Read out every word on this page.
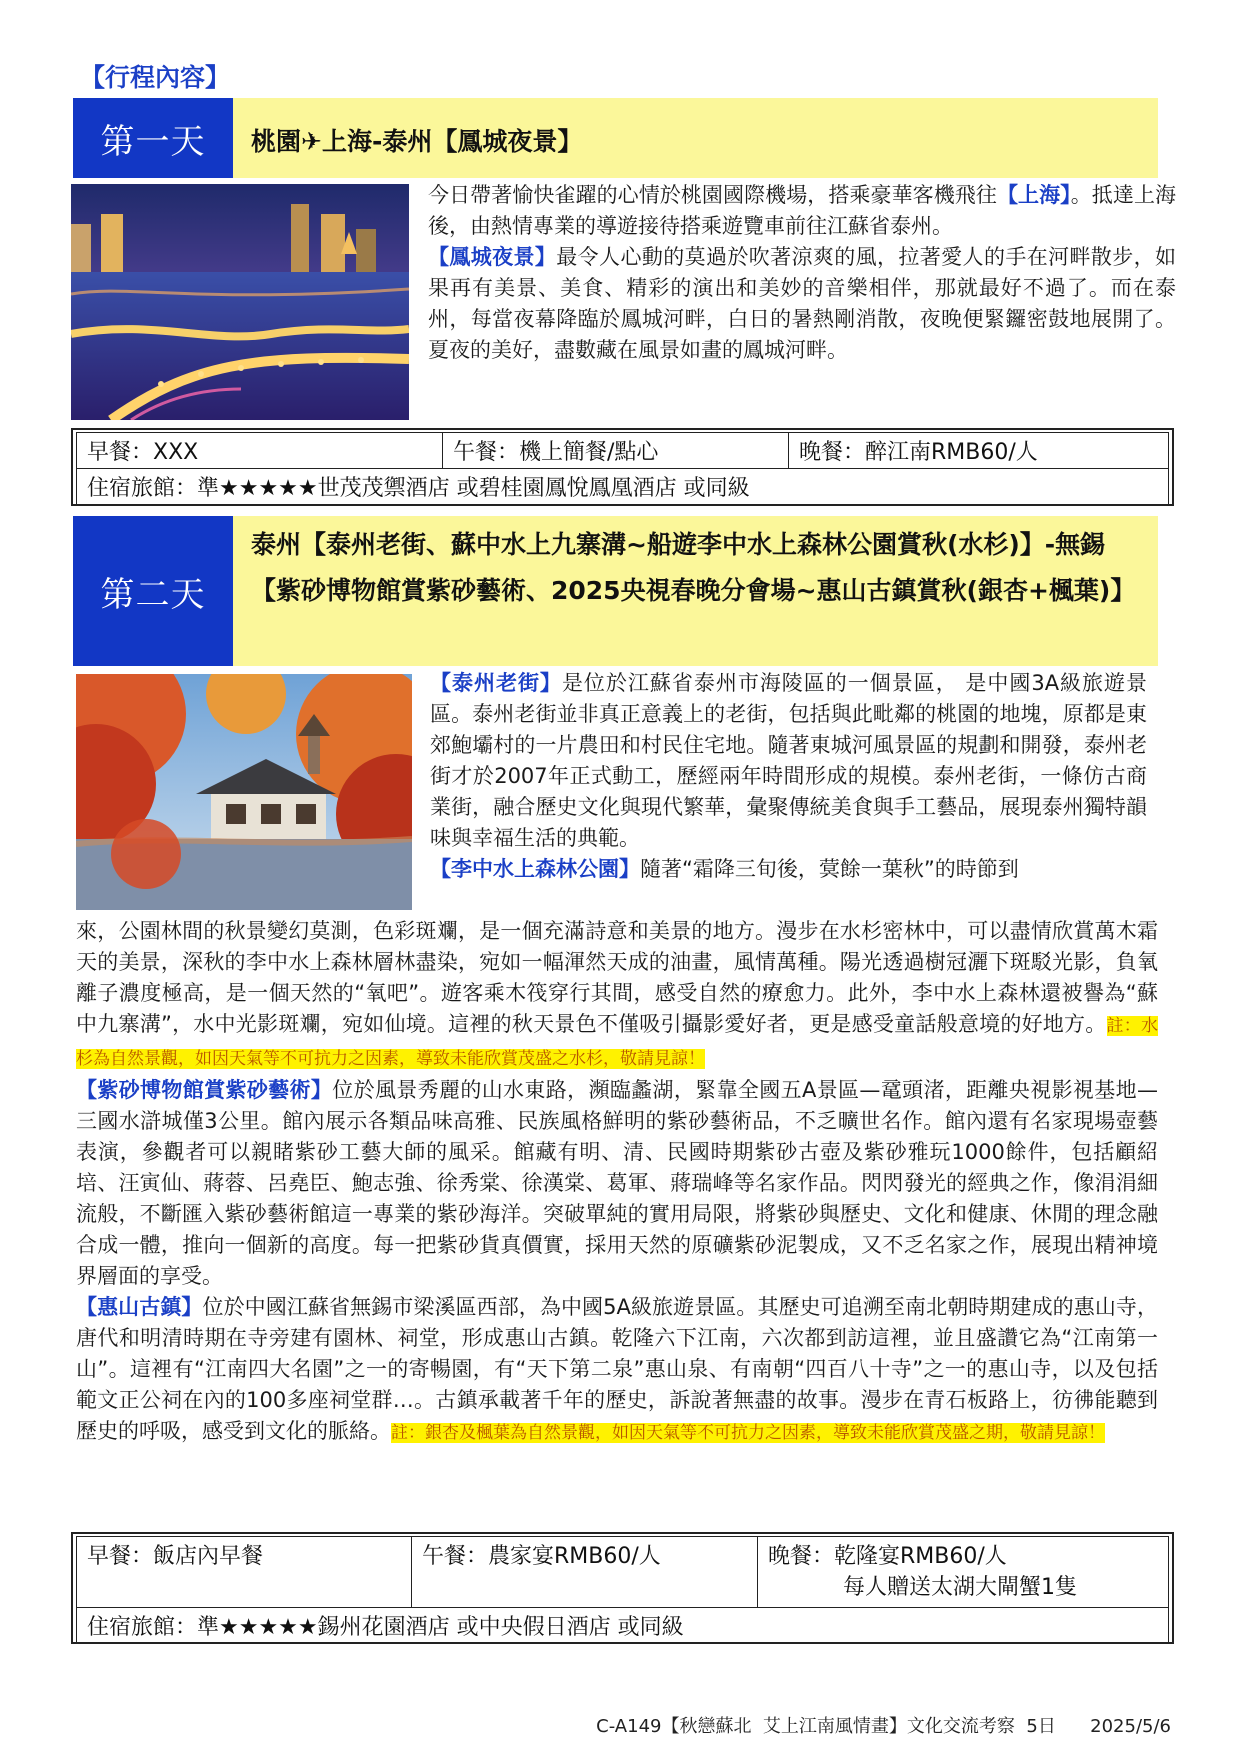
【行程內容】
第一天	桃園✈上海-泰州【鳳城夜景】
今日帶著愉快雀躍的心情於桃園國際機場，搭乘豪華客機飛往【上海】。抵達上海後，由熱情專業的導遊接待搭乘遊覽車前往江蘇省泰州。
【鳳城夜景】最令人心動的莫過於吹著涼爽的風，拉著愛人的手在河畔散步，如果再有美景、美食、精彩的演出和美妙的音樂相伴，那就最好不過了。而在泰州，每當夜幕降臨於鳳城河畔，白日的暑熱剛消散，夜晚便緊鑼密鼓地展開了。夏夜的美好，盡數藏在風景如畫的鳳城河畔。
早餐：XXX	午餐：機上簡餐/點心	晚餐：醉江南RMB60/人
住宿旅館：準★★★★★世茂茂禦酒店 或碧桂園鳳悅鳳凰酒店 或同級
第二天
泰州【泰州老街、蘇中水上九寨溝~船遊李中水上森林公園賞秋(水杉)】-無錫【紫砂博物館賞紫砂藝術、2025央視春晚分會場~惠山古鎮賞秋(銀杏+楓葉)】
【泰州老街】是位於江蘇省泰州市海陵區的一個景區， 是中國3A級旅遊景區。泰州老街並非真正意義上的老街，包括與此毗鄰的桃園的地塊，原都是東郊鮑壩村的一片農田和村民住宅地。隨著東城河風景區的規劃和開發，泰州老街才於2007年正式動工，歷經兩年時間形成的規模。泰州老街，一條仿古商業街，融合歷史文化與現代繁華，彙聚傳統美食與手工藝品，展現泰州獨特韻味與幸福生活的典範。
【李中水上森林公園】隨著“霜降三旬後，蓂餘一葉秋”的時節到
來，公園林間的秋景變幻莫測，色彩斑斕，是一個充滿詩意和美景的地方。漫步在水杉密林中，可以盡情欣賞萬木霜天的美景，深秋的李中水上森林層林盡染，宛如一幅渾然天成的油畫，風情萬種。陽光透過樹冠灑下斑駁光影，負氧離子濃度極高，是一個天然的“氧吧”。遊客乘木筏穿行其間，感受自然的療愈力。此外，李中水上森林還被譽為“蘇中九寨溝”，水中光影斑斕，宛如仙境。這裡的秋天景色不僅吸引攝影愛好者，更是感受童話般意境的好地方。註：水杉為自然景觀，如因天氣等不可抗力之因素，導致未能欣賞茂盛之水杉，敬請見諒！
【紫砂博物館賞紫砂藝術】位於風景秀麗的山水東路，瀕臨蠡湖，緊靠全國五A景區—鼋頭渚，距離央視影視基地—三國水滸城僅3公里。館內展示各類品味高雅、民族風格鮮明的紫砂藝術品，不乏曠世名作。館內還有名家現場壺藝表演，參觀者可以親睹紫砂工藝大師的風采。館藏有明、清、民國時期紫砂古壺及紫砂雅玩1000餘件，包括顧紹培、汪寅仙、蔣蓉、呂堯臣、鮑志強、徐秀棠、徐漢棠、葛軍、蔣瑞峰等名家作品。閃閃發光的經典之作，像涓涓細流般，不斷匯入紫砂藝術館這一專業的紫砂海洋。突破單純的實用局限，將紫砂與歷史、文化和健康、休閒的理念融合成一體，推向一個新的高度。每一把紫砂貨真價實，採用天然的原礦紫砂泥製成，又不乏名家之作，展現出精神境界層面的享受。
【惠山古鎮】位於中國江蘇省無錫市梁溪區西部，為中國5A級旅遊景區。其歷史可追溯至南北朝時期建成的惠山寺，唐代和明清時期在寺旁建有園林、祠堂，形成惠山古鎮。乾隆六下江南，六次都到訪這裡，並且盛讚它為“江南第一山”。這裡有“江南四大名園”之一的寄暢園，有“天下第二泉”惠山泉、有南朝“四百八十寺”之一的惠山寺，以及包括範文正公祠在內的100多座祠堂群…。古鎮承載著千年的歷史，訴說著無盡的故事。漫步在青石板路上，彷彿能聽到歷史的呼吸，感受到文化的脈絡。註：銀杏及楓葉為自然景觀，如因天氣等不可抗力之因素，導致未能欣賞茂盛之期，敬請見諒！
早餐：飯店內早餐	午餐：農家宴RMB60/人	晚餐：乾隆宴RMB60/人
每人贈送太湖大閘蟹1隻

住宿旅館：準★★★★★錫州花園酒店 或中央假日酒店 或同級
C-A149【秋戀蘇北  艾上江南風情畫】文化交流考察  5日      2025/5/6
